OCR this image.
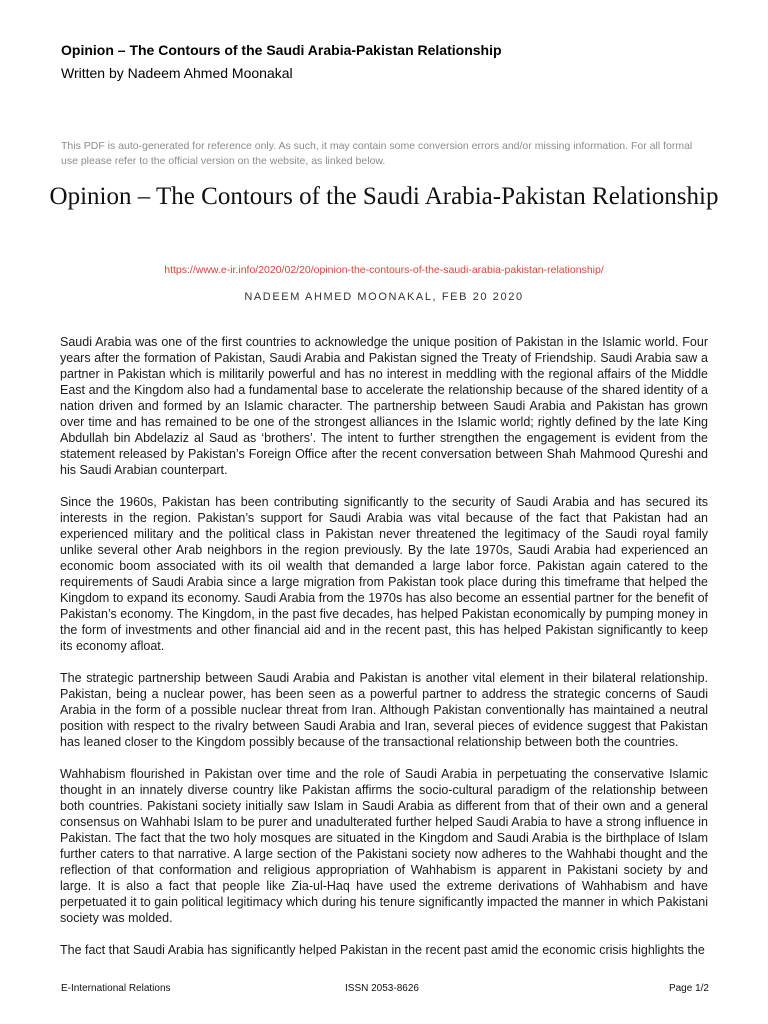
Opinion – The Contours of the Saudi Arabia-Pakistan Relationship
Written by Nadeem Ahmed Moonakal
This PDF is auto-generated for reference only. As such, it may contain some conversion errors and/or missing information. For all formal use please refer to the official version on the website, as linked below.
Opinion – The Contours of the Saudi Arabia-Pakistan Relationship
https://www.e-ir.info/2020/02/20/opinion-the-contours-of-the-saudi-arabia-pakistan-relationship/
NADEEM AHMED MOONAKAL, FEB 20 2020

Saudi Arabia was one of the first countries to acknowledge the unique position of Pakistan in the Islamic world. Four years after the formation of Pakistan, Saudi Arabia and Pakistan signed the Treaty of Friendship. Saudi Arabia saw a partner in Pakistan which is militarily powerful and has no interest in meddling with the regional affairs of the Middle East and the Kingdom also had a fundamental base to accelerate the relationship because of the shared identity of a nation driven and formed by an Islamic character. The partnership between Saudi Arabia and Pakistan has grown over time and has remained to be one of the strongest alliances in the Islamic world; rightly defined by the late King Abdullah bin Abdelaziz al Saud as ‘brothers’. The intent to further strengthen the engagement is evident from the statement released by Pakistan’s Foreign Office after the recent conversation between Shah Mahmood Qureshi and his Saudi Arabian counterpart.

Since the 1960s, Pakistan has been contributing significantly to the security of Saudi Arabia and has secured its interests in the region. Pakistan’s support for Saudi Arabia was vital because of the fact that Pakistan had an experienced military and the political class in Pakistan never threatened the legitimacy of the Saudi royal family unlike several other Arab neighbors in the region previously. By the late 1970s, Saudi Arabia had experienced an economic boom associated with its oil wealth that demanded a large labor force. Pakistan again catered to the requirements of Saudi Arabia since a large migration from Pakistan took place during this timeframe that helped the Kingdom to expand its economy. Saudi Arabia from the 1970s has also become an essential partner for the benefit of Pakistan’s economy. The Kingdom, in the past five decades, has helped Pakistan economically by pumping money in the form of investments and other financial aid and in the recent past, this has helped Pakistan significantly to keep its economy afloat.

The strategic partnership between Saudi Arabia and Pakistan is another vital element in their bilateral relationship. Pakistan, being a nuclear power, has been seen as a powerful partner to address the strategic concerns of Saudi Arabia in the form of a possible nuclear threat from Iran. Although Pakistan conventionally has maintained a neutral position with respect to the rivalry between Saudi Arabia and Iran, several pieces of evidence suggest that Pakistan has leaned closer to the Kingdom possibly because of the transactional relationship between both the countries.

Wahhabism flourished in Pakistan over time and the role of Saudi Arabia in perpetuating the conservative Islamic thought in an innately diverse country like Pakistan affirms the socio-cultural paradigm of the relationship between both countries. Pakistani society initially saw Islam in Saudi Arabia as different from that of their own and a general consensus on Wahhabi Islam to be purer and unadulterated further helped Saudi Arabia to have a strong influence in Pakistan. The fact that the two holy mosques are situated in the Kingdom and Saudi Arabia is the birthplace of Islam further caters to that narrative. A large section of the Pakistani society now adheres to the Wahhabi thought and the reflection of that conformation and religious appropriation of Wahhabism is apparent in Pakistani society by and large. It is also a fact that people like Zia-ul-Haq have used the extreme derivations of Wahhabism and have perpetuated it to gain political legitimacy which during his tenure significantly impacted the manner in which Pakistani society was molded.

The fact that Saudi Arabia has significantly helped Pakistan in the recent past amid the economic crisis highlights the

E-International Relations	ISSN 2053-8626	Page 1/2
